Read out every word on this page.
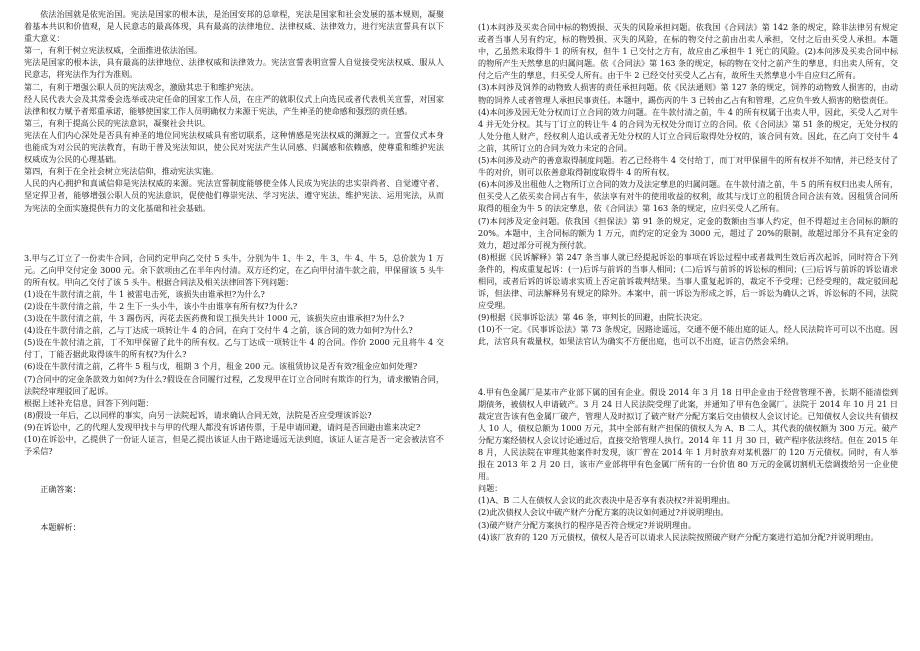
依法治国就是依宪治国。宪法是国家的根本法，是治国安邦的总章程，宪法是国家和社会发展的基本规则，凝聚着基本共识和价值观，是人民意志的最高体现，具有最高的法律地位、法律权威、法律效力，进行宪法宣誓具有以下重大意义：

第一，有利于树立宪法权威，全面推进依法治国。

宪法是国家的根本法，具有最高的法律地位、法律权威和法律效力。宪法宣誓表明宣誓人自觉接受宪法权威、服从人民意志，将宪法作为行为准则。

第二，有利于增强公职人员的宪法观念，激励其忠于和维护宪法。

经人民代表大会及其常委会选举或决定任命的国家工作人员，在庄严的就职仪式上向选民或者代表机关宣誓，对国家法律和权力赋予者郑重承诺，能够使国家工作人员明确权力来源于宪法，产生神圣的使命感和强烈的责任感。

第三，有利于提高公民的宪法意识，凝聚社会共识。

宪法在人们内心深处是否具有神圣的地位同宪法权威具有密切联系，这种情感是宪法权威的渊源之一。宣誓仪式本身也能成为对公民的宪法教育，有助于普及宪法知识，使公民对宪法产生认同感、归属感和依赖感，使尊重和维护宪法权威成为公民的心理基础。

第四，有利于在全社会树立宪法信仰，推动宪法实施。

人民的内心拥护和真诚信仰是宪法权威的来源。宪法宣誓制度能够使全体人民成为宪法的忠实崇尚者、自觉遵守者、坚定捍卫者，能够增强公职人员的宪法意识，促使他们尊崇宪法、学习宪法、遵守宪法、维护宪法、运用宪法，从而为宪法的全面实施提供有力的文化基础和社会基础。

3.甲与乙订立了一份卖牛合同，合同约定甲向乙交付 5 头牛，分别为牛 1、牛 2、牛 3、牛 4、牛 5，总价款为 1 万元。乙向甲交付定金 3000 元。余下款项由乙在半年内付清。双方还约定，在乙向甲付清牛款之前，甲保留该 5 头牛的所有权。甲向乙交付了该 5 头牛。根据合同法及相关法律回答下列问题：

(1)设在牛款付清之前，牛 1 被雷电击死，该损失由谁承担?为什么?

(2)设在牛款付清之前，牛 2 生下一头小牛，该小牛由谁享有所有权?为什么?

(3)设在牛款付清之前，牛 3 踢伤丙，丙花去医药费和误工损失共计 1000 元，该损失应由谁承担?为什么?

(4)设在牛款付清之前，乙与丁达成一项转让牛 4 的合同，在向丁交付牛 4 之前，该合同的效力如何?为什么?

(5)设在牛款付清之前，丁不知甲保留了此牛的所有权。乙与丁达成一项转让牛 4 的合同。作价 2000 元且将牛 4 交付丁，丁能否据此取得该牛的所有权?为什么?

(6)设在牛款付清之前，乙将牛 5 租与戊，租期 3 个月，租金 200 元。该租赁协议是否有效?租金应如何处理?

(7)合同中的定金条款效力如何?为什么?假设在合同履行过程，乙发现甲在订立合同时有欺诈的行为，请求撤销合同，法院经审理驳回了起诉。

根据上述补充信息，回答下列问题：

(8)假设一年后，乙以同样的事实，向另一法院起诉，请求确认合同无效，法院是否应受理该诉讼?

(9)在诉讼中，乙的代理人发现甲找卡与甲的代理人都没有诉诸传票，于是申请回避，请问是否回避由谁来决定?

(10)在诉讼中，乙提供了一份证人证言，但是乙提出该证人由于路途遥远无法到庭，该证人证言是否一定会被法官不予采信?

正确答案：

本题解析：

(1)本问涉及买卖合同中标的物毁损、灭失的风险承担问题。依我国《合同法》第 142 条的规定，除非法律另有规定或者当事人另有约定，标的物毁损、灭失的风险，在标的物交付之前由出卖人承担，交付之后由买受人承担。本题中，乙虽然未取得牛 1 的所有权，但牛 1 已交付之方有，故应由乙承担牛 1 死亡的风险。(2)本问涉及买卖合同中标的物所产生天然孳息的归属问题。依《合同法》第 163 条的规定，标的物在交付之前产生的孳息，归出卖人所有，交付之后产生的孳息，归买受人所有。由于牛 2 已经交付买受人乙占有，故所生天然孳息小牛自应归乙所有。

(3)本问涉及饲养的动物致人损害的责任承担问题。依《民法通则》第 127 条的规定，饲养的动物致人损害的，由动物的饲养人或者管理人承担民事责任。本题中，踢伤丙的牛 3 已转由乙占有和管理，乙应负牛致人损害的赔偿责任。

(4)本问涉及因无处分权而订立合同的效力问题。在牛款付清之前，牛 4 的所有权属于出卖人甲，因此，买受人乙对牛 4 并无处分权。其与丁订立的转让牛 4 的合同为无权处分而订立的合同。依《合同法》第 51 条的规定，无处分权的人处分他人财产，经权利人追认或者无处分权的人订立合同后取得处分权的，该合同有效。因此，在乙向丁交付牛 4 之前，其所订立的合同为效力未定的合同。

(5)本问涉及动产的善意取得制度问题。若乙已经将牛 4 交付给丁，而丁对甲保留牛的所有权并不知情，并已经支付了牛的对价，则可以依善意取得制度取得牛 4 的所有权。

(6)本问涉及出租他人之物所订立合同的效力及法定孳息的归属问题。在牛款付清之前，牛 5 的所有权归出卖人所有，但买受人乙依买卖合同占有牛，依法享有对牛的使用收益的权利，故其与戊订立的租赁合同合法有效。因租赁合同所取得的租金为牛 5 的法定孳息，依《合同法》第 163 条的规定，应归买受人乙所有。

(7)本问涉及定金问题。依我国《担保法》第 91 条的规定，定金的数额由当事人约定，但不得超过主合同标的额的 20%。本题中，主合同标的额为 1 万元，而约定的定金为 3000 元，超过了 20%的限制，故超过部分不具有定金的效力，超过部分可视为预付款。

(8)根据《民诉解释》第 247 条当事人就已经提起诉讼的事项在诉讼过程中或者裁判生效后再次起诉，同时符合下列条件的，构成重复起诉：(一)后诉与前诉的当事人相同；(二)后诉与前诉的诉讼标的相同；(三)后诉与前诉的诉讼请求相同，或者后诉的诉讼请求实质上否定前诉裁判结果。当事人重复起诉的，裁定不予受理；已经受理的，裁定驳回起诉，但法律、司法解释另有规定的除外。本案中，前一诉讼为形成之诉，后一诉讼为确认之诉，诉讼标的不同，法院应受理。

(9)根据《民事诉讼法》第 46 条，审判长的回避，由院长决定。

(10)不一定。《民事诉讼法》第 73 条规定，因路途遥远，交通不便不能出庭的证人，经人民法院许可可以不出庭。因此，法官具有裁量权，如果法官认为确实不方便出庭，也可以不出庭，证言仍然会采纳。

4.甲有色金属厂是某市产业部下属的国有企业。假设 2014 年 3 月 18 日甲企业由于经营管理不善，长期不能清偿到期债务，被债权人申请破产。3 月 24 日人民法院受理了此案，并通知了甲有色金属厂。法院于 2014 年 10 月 21 日裁定宣告该有色金属厂破产，管理人及时拟订了破产财产分配方案后交由债权人会议讨论。已知债权人会议共有债权人 10 人，债权总额为 1000 万元，其中全部有财产担保的债权人为 A、B 二人，其代表的债权额为 300 万元。破产分配方案经债权人会议讨论通过后，直接交给管理人执行。2014 年 11 月 30 日，破产程序依法终结。但在 2015 年 8 月，人民法院在审理其他案件时发现，该厂曾在 2014 年 1 月时放弃对某机器厂的 120 万元债权。同时，有人举报在 2013 年 2 月 20 日，该市产业部将甲有色金属厂所有的一台价值 80 万元的金属切割机无偿调拨给另一企业使用。

问题：

(1)A、B 二人在债权人会议的此次表决中是否享有表决权?并说明理由。

(2)此次债权人会议中破产财产分配方案的决议如何通过?并说明理由。

(3)破产财产分配方案执行的程序是否符合规定?并说明理由。

(4)该厂放弃的 120 万元债权，债权人是否可以请求人民法院按照破产财产分配方案进行追加分配?并说明理由。
